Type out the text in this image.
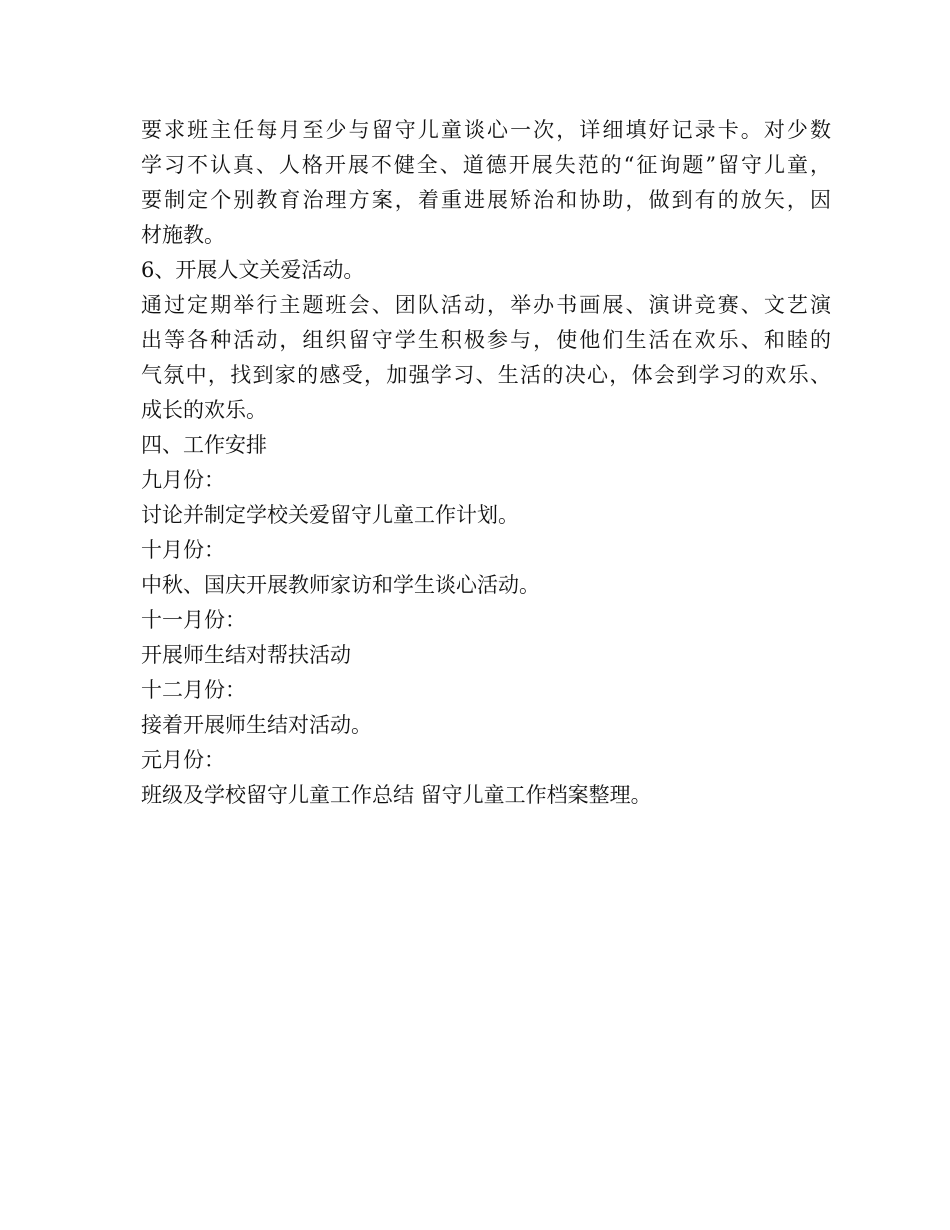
要求班主任每月至少与留守儿童谈心一次，详细填好记录卡。对少数
学习不认真、人格开展不健全、道德开展失范的“征询题”留守儿童，
要制定个别教育治理方案，着重进展矫治和协助，做到有的放矢，因
材施教。
6、开展人文关爱活动。
通过定期举行主题班会、团队活动，举办书画展、演讲竞赛、文艺演
出等各种活动，组织留守学生积极参与，使他们生活在欢乐、和睦的
气氛中，找到家的感受，加强学习、生活的决心，体会到学习的欢乐、
成长的欢乐。
四、工作安排
九月份：
讨论并制定学校关爱留守儿童工作计划。
十月份：
中秋、国庆开展教师家访和学生谈心活动。
十一月份：
开展师生结对帮扶活动
十二月份：
接着开展师生结对活动。
元月份：
班级及学校留守儿童工作总结 留守儿童工作档案整理。
